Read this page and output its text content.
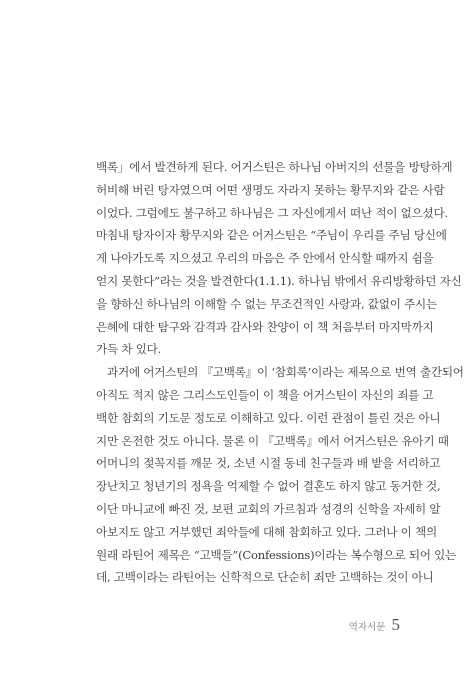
백록」에서 발견하게 된다. 어거스틴은 하나님 아버지의 선물을 방탕하게
허비해 버린 탕자였으며 어떤 생명도 자라지 못하는 황무지와 같은 사람
이었다. 그럼에도 불구하고 하나님은 그 자신에게서 떠난 적이 없으셨다.
마침내 탕자이자 황무지와 같은 어거스틴은 “주님이 우리를 주님 당신에
게 나아가도록 지으셨고 우리의 마음은 주 안에서 안식할 때까지 쉼을
얻지 못한다”라는 것을 발견한다(1.1.1). 하나님 밖에서 유리방황하던 자신
을 향하신 하나님의 이해할 수 없는 무조건적인 사랑과, 값없이 주시는
은혜에 대한 탐구와 감격과 감사와 찬양이 이 책 처음부터 마지막까지
가득 차 있다.
과거에 어거스틴의 『고백록』이 ‘참회록’이라는 제목으로 번역 출간되어
아직도 적지 않은 그리스도인들이 이 책을 어거스틴이 자신의 죄를 고
백한 참회의 기도문 정도로 이해하고 있다. 이런 관점이 틀린 것은 아니
지만 온전한 것도 아니다. 물론 이 『고백록』에서 어거스틴은 유아기 때
어머니의 젖꼭지를 깨문 것, 소년 시절 동네 친구들과 배 밭을 서리하고
장난치고 청년기의 정욕을 억제할 수 없어 결혼도 하지 않고 동거한 것,
이단 마니교에 빠진 것, 보편 교회의 가르침과 성경의 신학을 자세히 알
아보지도 않고 거부했던 죄악들에 대해 참회하고 있다. 그러나 이 책의
원래 라틴어 제목은 “고백들”(Confessions)이라는 복수형으로 되어 있는
데, 고백이라는 라틴어는 신학적으로 단순히 죄만 고백하는 것이 아니
역자서문 5
